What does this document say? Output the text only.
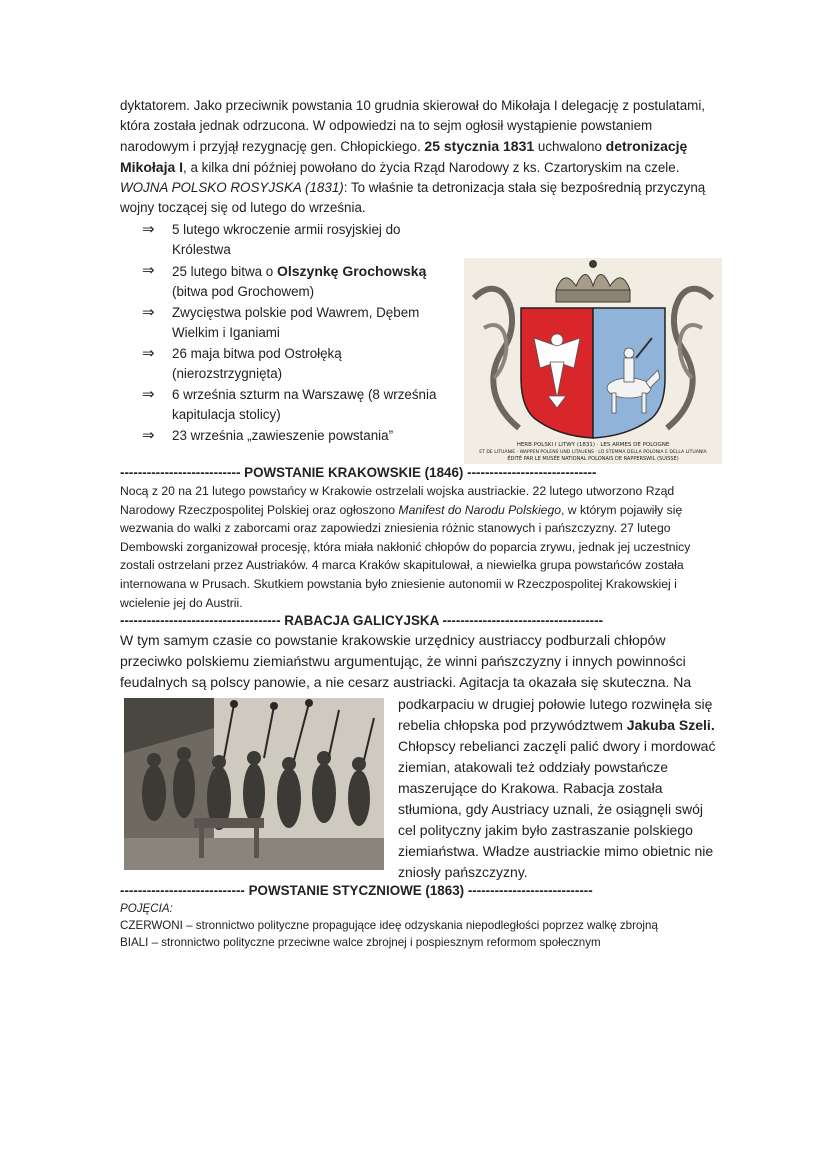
dyktatorem. Jako przeciwnik powstania 10 grudnia skierował do Mikołaja I delegację z postulatami, która została jednak odrzucona. W odpowiedzi na to sejm ogłosił wystąpienie powstaniem narodowym i przyjął rezygnację gen. Chłopickiego. 25 stycznia 1831 uchwalono detronizację Mikołaja I, a kilka dni później powołano do życia Rząd Narodowy z ks. Czartoryskim na czele.

WOJNA POLSKO ROSYJSKA (1831): To właśnie ta detronizacja stała się bezpośrednią przyczyną wojny toczącej się od lutego do września.

⇒	5 lutego wkroczenie armii rosyjskiej do Królestwa
⇒	25 lutego bitwa o Olszynkę Grochowską (bitwa pod Grochowem)
⇒	Zwycięstwa polskie pod Wawrem, Dębem Wielkim i Iganiami
⇒	26 maja bitwa pod Ostrołęką (nierozstrzygnięta)
⇒	6 września szturm na Warszawę (8 września kapitulacja stolicy)
⇒	23 września „zawieszenie powstania”
--------------------------- POWSTANIE KRAKOWSKIE (1846) -----------------------------

Nocą z 20 na 21 lutego powstańcy w Krakowie ostrzelali wojska austriackie. 22 lutego utworzono Rząd Narodowy Rzeczpospolitej Polskiej oraz ogłoszono Manifest do Narodu Polskiego, w którym pojawiły się wezwania do walki z zaborcami oraz zapowiedzi zniesienia różnic stanowych i pańszczyzny. 27 lutego Dembowski zorganizował procesję, która miała nakłonić chłopów do poparcia zrywu, jednak jej uczestnicy zostali ostrzelani przez Austriaków. 4 marca Kraków skapitulował, a niewielka grupa powstańców została internowana w Prusach. Skutkiem powstania było zniesienie autonomii w Rzeczpospolitej Krakowskiej i wcielenie jej do Austrii.

------------------------------------ RABACJA GALICYJSKA ------------------------------------

W tym samym czasie co powstanie krakowskie urzędnicy austriaccy podburzali chłopów przeciwko polskiemu ziemiaństwu argumentując, że winni pańszczyzny i innych powinności feudalnych są polscy panowie, a nie cesarz austriacki. Agitacja ta okazała się skuteczna. Na

podkarpaciu w drugiej połowie lutego rozwinęła się rebelia chłopska pod przywództwem Jakuba Szeli. Chłopscy rebelianci zaczęli palić dwory i mordować ziemian, atakowali też oddziały powstańcze maszerujące do Krakowa. Rabacja została stłumiona, gdy Austriacy uznali, że osiągnęli swój cel polityczny jakim było zastraszanie polskiego ziemiaństwa. Władze austriackie mimo obietnic nie zniosły pańszczyzny.

---------------------------- POWSTANIE STYCZNIOWE (1863) ----------------------------

POJĘCIA:

CZERWONI – stronnictwo polityczne propagujące ideę odzyskania niepodległości poprzez walkę zbrojną

BIALI – stronnictwo polityczne przeciwne walce zbrojnej i pospiesznym reformom społecznym

HERB POLSKI I LITWY (1831) · LES ARMES DE POLOGNE
ET DE LITUANIE · WAPPEN POLENS UND LITAUENS · LO STEMMA DELLA POLONIA E DELLA LITUANIA
ÉDITÉ PAR LE MUSÉE NATIONAL POLONAIS DE RAPPERSWIL (SUISSE)
